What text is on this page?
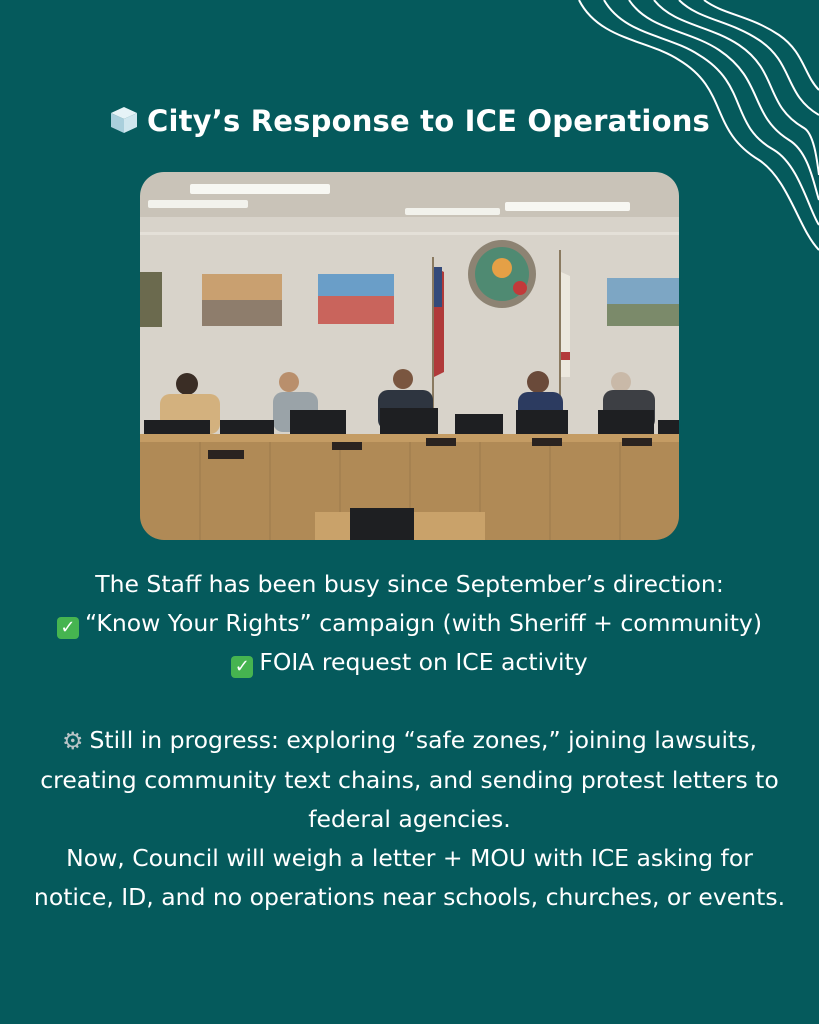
City’s Response to ICE Operations

The Staff has been busy since September’s direction:

✓ “Know Your Rights” campaign (with Sheriff + community)

✓ FOIA request on ICE activity

⚙ Still in progress: exploring “safe zones,” joining lawsuits, creating community text chains, and sending protest letters to federal agencies.

Now, Council will weigh a letter + MOU with ICE asking for notice, ID, and no operations near schools, churches, or events.
